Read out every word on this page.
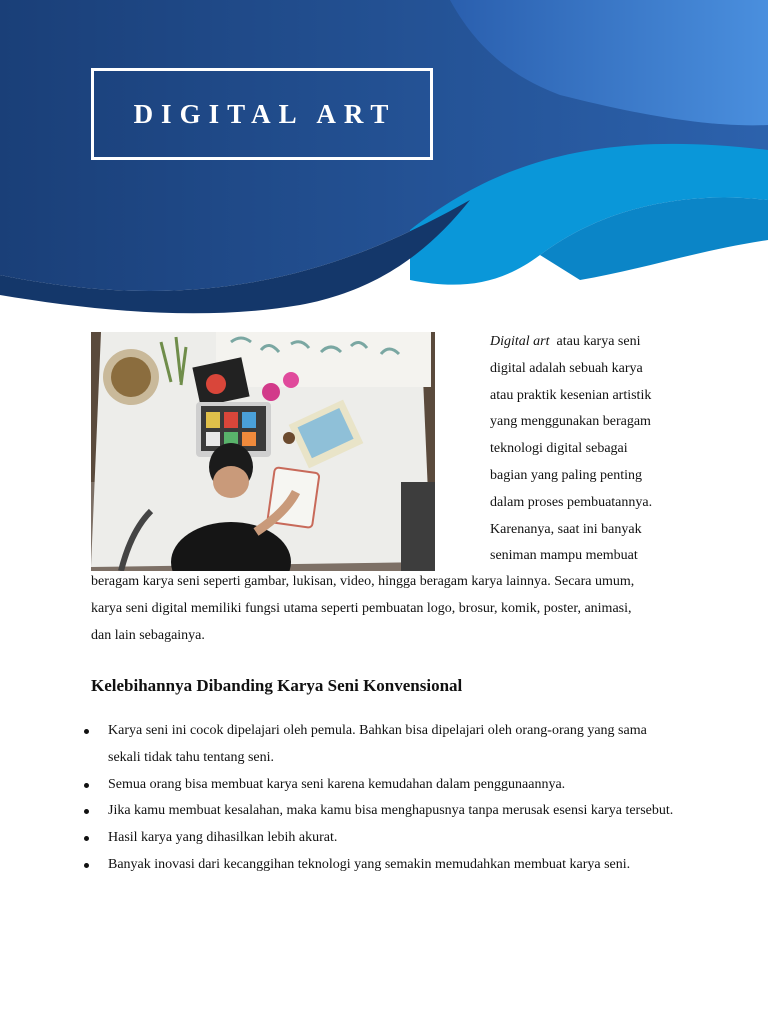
DIGITAL ART
Digital art atau karya seni
digital adalah sebuah karya
atau praktik kesenian artistik
yang menggunakan beragam
teknologi digital sebagai
bagian yang paling penting
dalam proses pembuatannya.
Karenanya, saat ini banyak
seniman mampu membuat
beragam karya seni seperti gambar, lukisan, video, hingga beragam karya lainnya. Secara umum,
karya seni digital memiliki fungsi utama seperti pembuatan logo, brosur, komik, poster, animasi,
dan lain sebagainya.
Kelebihannya Dibanding Karya Seni Konvensional
Karya seni ini cocok dipelajari oleh pemula. Bahkan bisa dipelajari oleh orang-orang yang sama
sekali tidak tahu tentang seni.
Semua orang bisa membuat karya seni karena kemudahan dalam penggunaannya.
Jika kamu membuat kesalahan, maka kamu bisa menghapusnya tanpa merusak esensi karya tersebut.
Hasil karya yang dihasilkan lebih akurat.
Banyak inovasi dari kecanggihan teknologi yang semakin memudahkan membuat karya seni.
